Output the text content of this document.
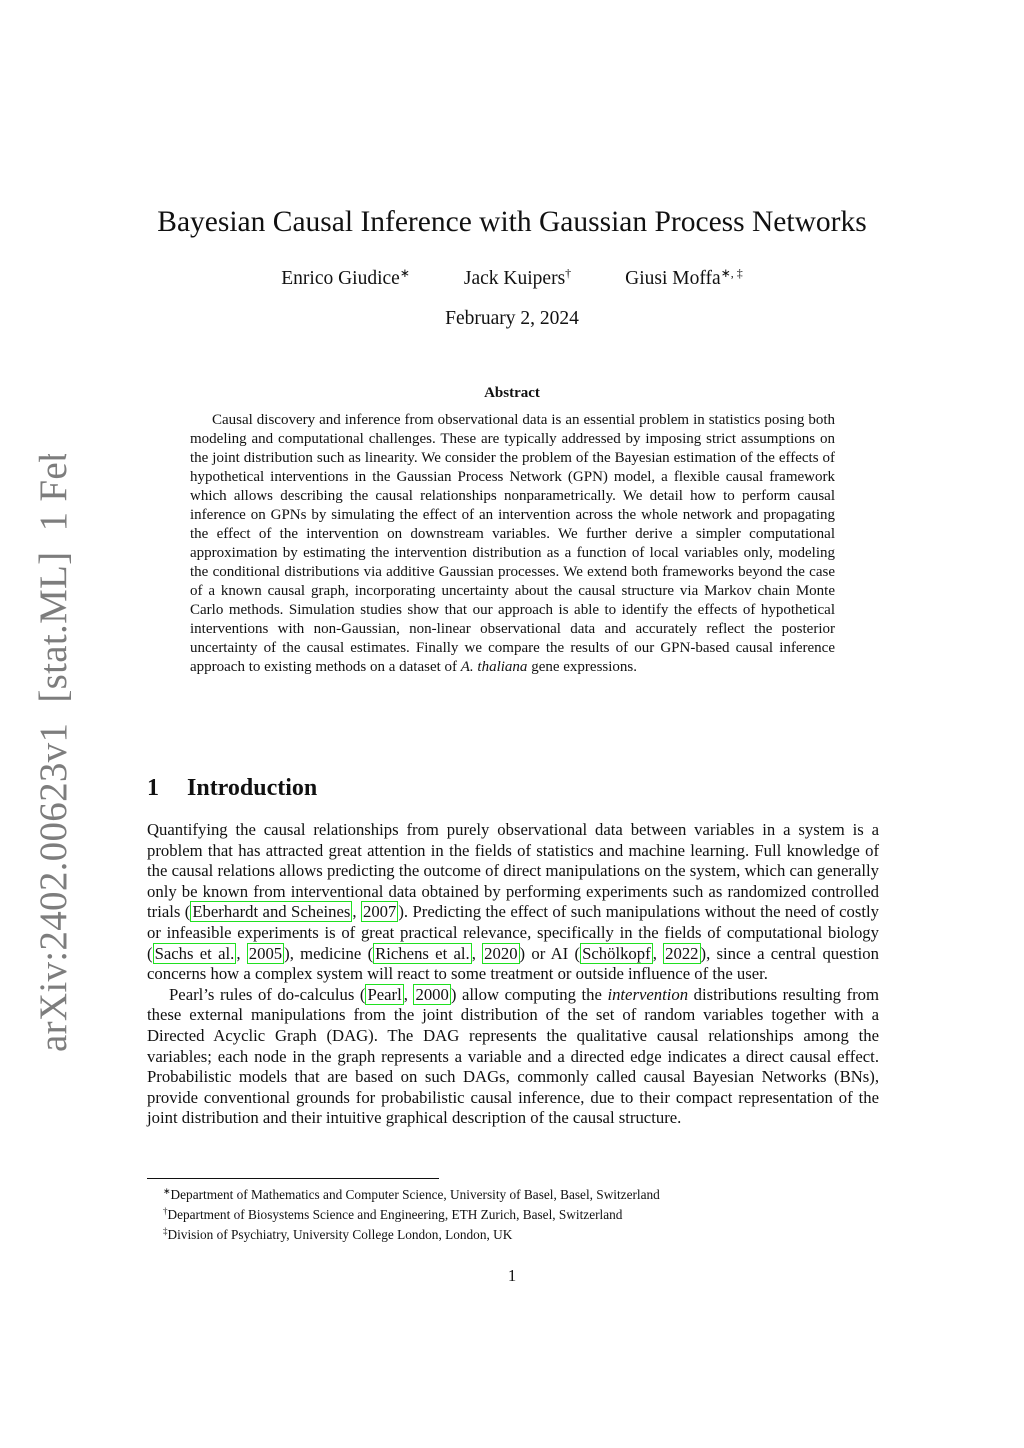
arXiv:2402.00623v1  [stat.ML]  1 Feb 2024
Bayesian Causal Inference with Gaussian Process Networks
Enrico Giudice∗	Jack Kuipers†	Giusi Moffa∗, ‡
February 2, 2024
Abstract

Causal discovery and inference from observational data is an essential problem in statistics posing both modeling and computational challenges. These are typically addressed by imposing strict assumptions on the joint distribution such as linearity. We consider the problem of the Bayesian estimation of the effects of hypothetical interventions in the Gaussian Process Network (GPN) model, a flexible causal framework which allows describing the causal relationships nonparametrically. We detail how to perform causal inference on GPNs by simulating the effect of an intervention across the whole network and propagating the effect of the intervention on downstream variables. We further derive a simpler computational approximation by estimating the intervention distribution as a function of local variables only, modeling the conditional distributions via additive Gaussian processes. We extend both frameworks beyond the case of a known causal graph, incorporating uncertainty about the causal structure via Markov chain Monte Carlo methods. Simulation studies show that our approach is able to identify the effects of hypothetical interventions with non-Gaussian, non-linear observational data and accurately reflect the posterior uncertainty of the causal estimates. Finally we compare the results of our GPN-based causal inference approach to existing methods on a dataset of A. thaliana gene expressions.

1 Introduction

Quantifying the causal relationships from purely observational data between variables in a system is a problem that has attracted great attention in the fields of statistics and machine learning. Full knowledge of the causal relations allows predicting the outcome of direct manipulations on the system, which can generally only be known from interventional data obtained by performing experiments such as randomized controlled trials ( Eberhardt and Scheines , 2007 ). Predicting the effect of such manipulations without the need of costly or infeasible experiments is of great practical relevance, specifically in the fields of computational biology ( Sachs et al. , 2005 ), medicine ( Richens et al. , 2020 ) or AI ( Schölkopf , 2022 ), since a central question concerns how a complex system will react to some treatment or outside influence of the user.

Pearl’s rules of do-calculus ( Pearl , 2000 ) allow computing the intervention distributions resulting from these external manipulations from the joint distribution of the set of random variables together with a Directed Acyclic Graph (DAG). The DAG represents the qualitative causal relationships among the variables; each node in the graph represents a variable and a directed edge indicates a direct causal effect. Probabilistic models that are based on such DAGs, commonly called causal Bayesian Networks (BNs), provide conventional grounds for probabilistic causal inference, due to their compact representation of the joint distribution and their intuitive graphical description of the causal structure.

∗Department of Mathematics and Computer Science, University of Basel, Basel, Switzerland
†Department of Biosystems Science and Engineering, ETH Zurich, Basel, Switzerland
‡Division of Psychiatry, University College London, London, UK
1
